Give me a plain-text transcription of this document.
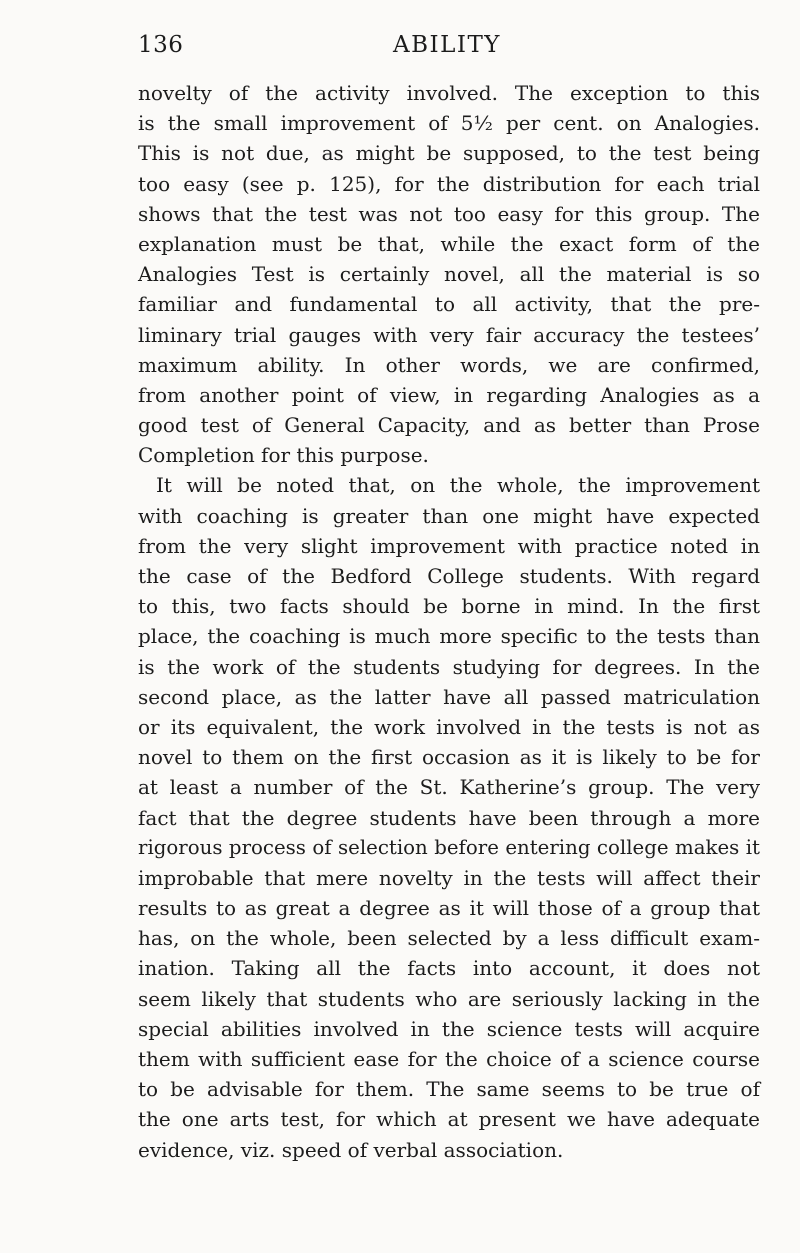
136	ABILITY
novelty of the activity involved. The exception to this
is the small improvement of 5½ per cent. on Analogies.
This is not due, as might be supposed, to the test being
too easy (see p. 125), for the distribution for each trial
shows that the test was not too easy for this group. The
explanation must be that, while the exact form of the
Analogies Test is certainly novel, all the material is so
familiar and fundamental to all activity, that the pre-
liminary trial gauges with very fair accuracy the testees’
maximum ability. In other words, we are confirmed,
from another point of view, in regarding Analogies as a
good test of General Capacity, and as better than Prose
Completion for this purpose.
It will be noted that, on the whole, the improvement
with coaching is greater than one might have expected
from the very slight improvement with practice noted in
the case of the Bedford College students. With regard
to this, two facts should be borne in mind. In the first
place, the coaching is much more specific to the tests than
is the work of the students studying for degrees. In the
second place, as the latter have all passed matriculation
or its equivalent, the work involved in the tests is not as
novel to them on the first occasion as it is likely to be for
at least a number of the St. Katherine’s group. The very
fact that the degree students have been through a more
rigorous process of selection before entering college makes it
improbable that mere novelty in the tests will affect their
results to as great a degree as it will those of a group that
has, on the whole, been selected by a less difficult exam-
ination. Taking all the facts into account, it does not
seem likely that students who are seriously lacking in the
special abilities involved in the science tests will acquire
them with sufficient ease for the choice of a science course
to be advisable for them. The same seems to be true of
the one arts test, for which at present we have adequate
evidence, viz. speed of verbal association.
